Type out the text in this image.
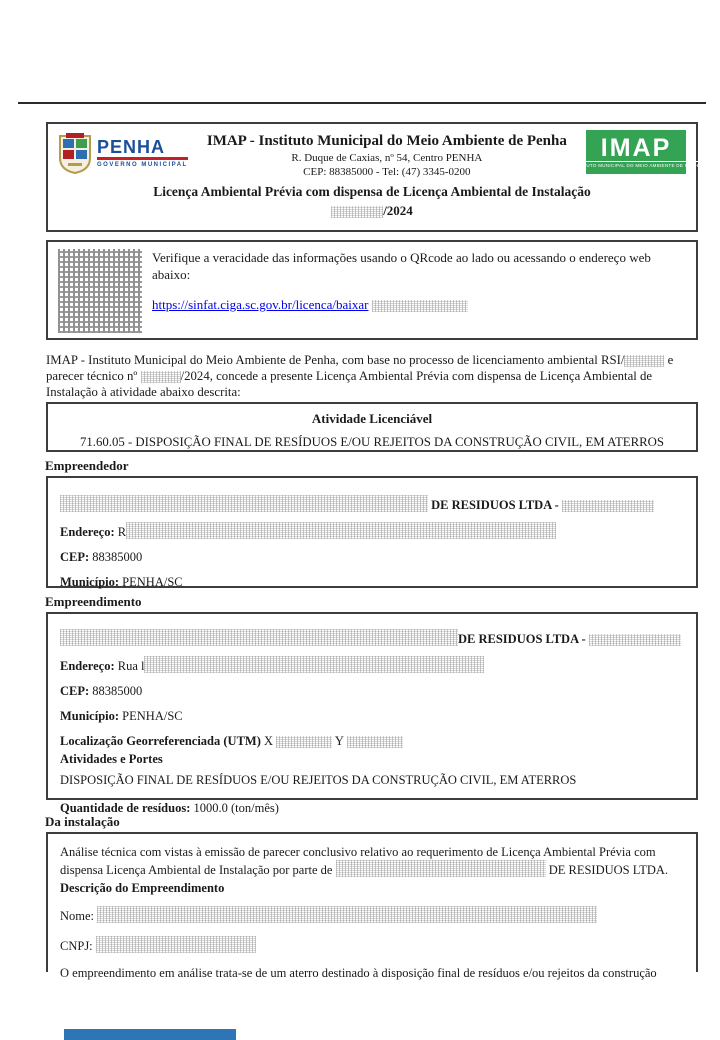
PENHA
GOVERNO MUNICIPAL
IMAP - Instituto Municipal do Meio Ambiente de Penha
R. Duque de Caxias, nº 54, Centro PENHA
CEP: 88385000 - Tel: (47) 3345-0200
IMAP
INSTITUTO MUNICIPAL DO MEIO AMBIENTE DE PENHA
Licença Ambiental Prévia com dispensa de Licença Ambiental de Instalação
/2024
Verifique a veracidade das informações usando o QRcode ao lado ou acessando o endereço web abaixo:
https://sinfat.ciga.sc.gov.br/licenca/baixar
IMAP - Instituto Municipal do Meio Ambiente de Penha, com base no processo de licenciamento ambiental RSI/	e parecer técnico nº	/2024, concede a presente Licença Ambiental Prévia com dispensa de Licença Ambiental de Instalação à atividade abaixo descrita:
Atividade Licenciável
71.60.05 - DISPOSIÇÃO FINAL DE RESÍDUOS E/OU REJEITOS DA CONSTRUÇÃO CIVIL, EM ATERROS
Empreendedor
DE RESIDUOS LTDA -
Endereço: R
CEP: 88385000
Município: PENHA/SC
Empreendimento
DE RESIDUOS LTDA -
Endereço: Rua l
CEP: 88385000
Município: PENHA/SC
Localização Georreferenciada (UTM) X	Y
Atividades e Portes
DISPOSIÇÃO FINAL DE RESÍDUOS E/OU REJEITOS DA CONSTRUÇÃO CIVIL, EM ATERROS
Quantidade de resíduos: 1000.0 (ton/mês)
Da instalação
Análise técnica com vistas à emissão de parecer conclusivo relativo ao requerimento de Licença Ambiental Prévia com dispensa Licença Ambiental de Instalação por parte de	DE RESIDUOS LTDA.
Descrição do Empreendimento
Nome:
CNPJ:
O empreendimento em análise trata-se de um aterro destinado à disposição final de resíduos e/ou rejeitos da construção
